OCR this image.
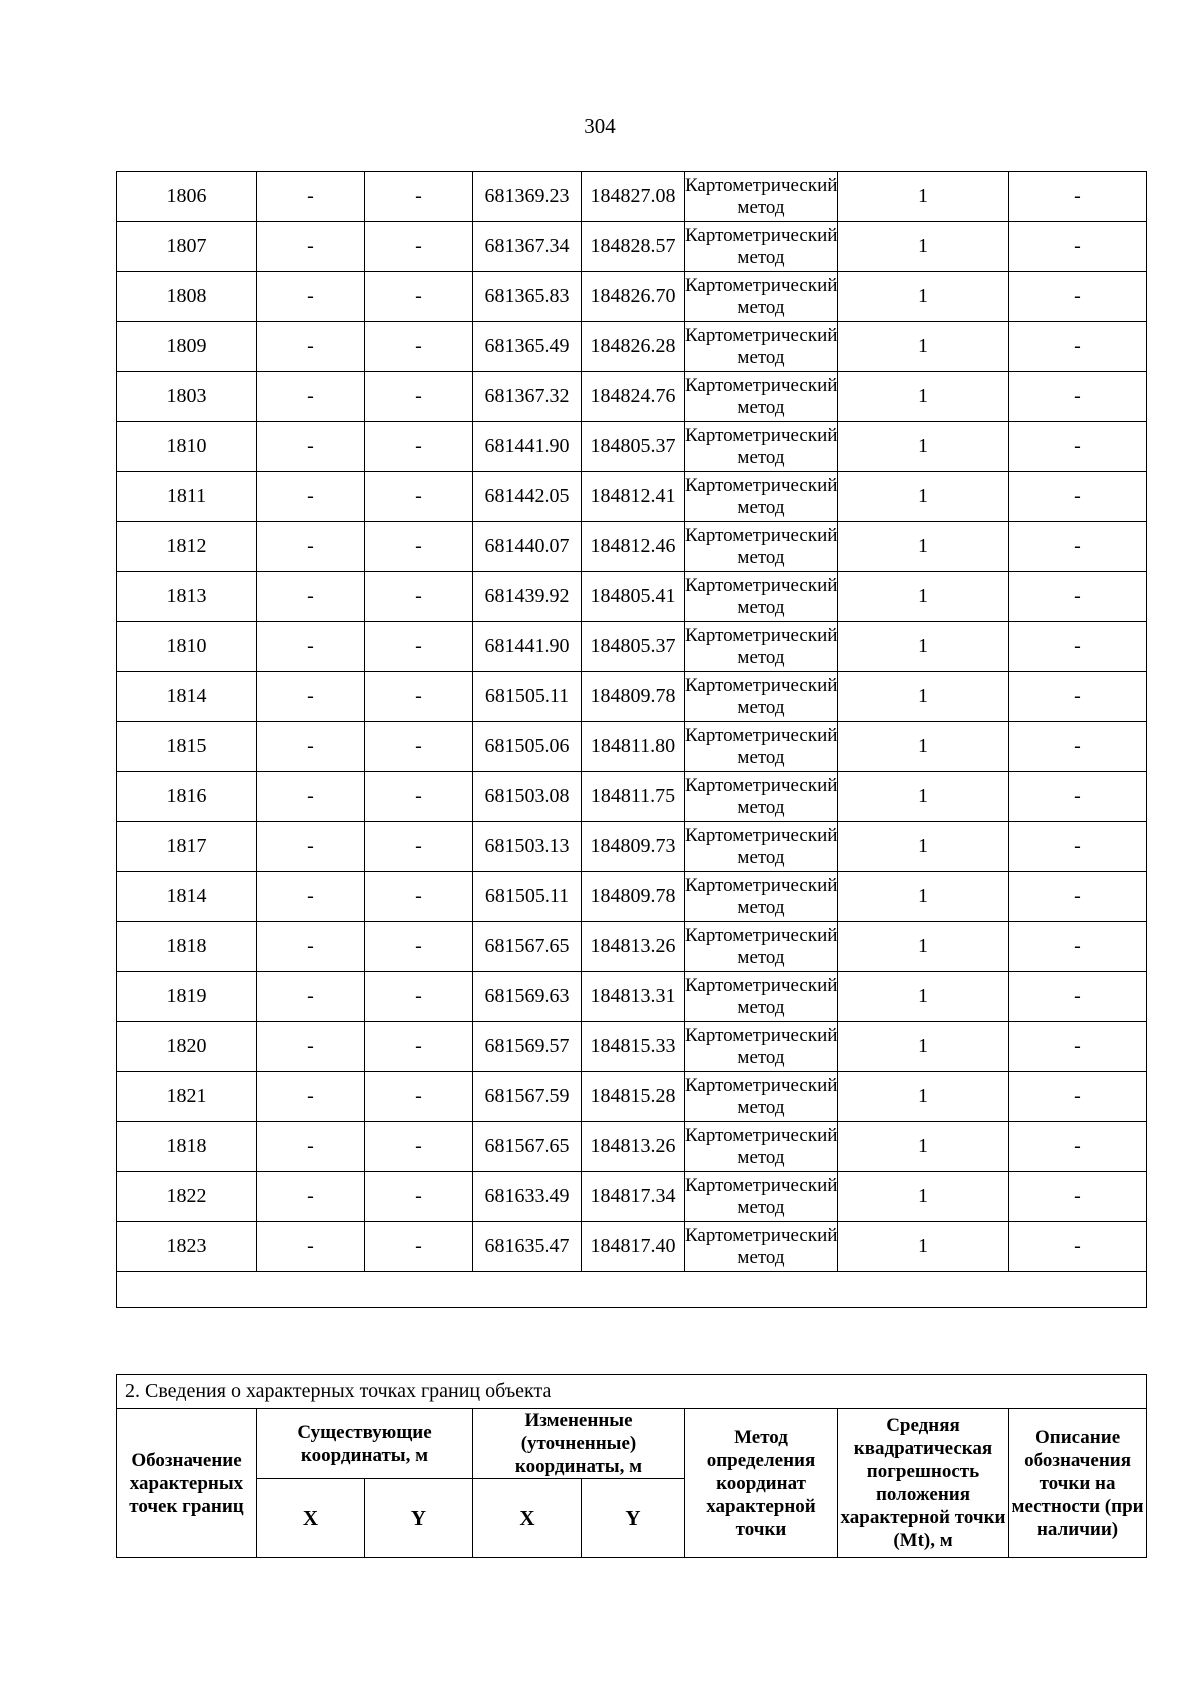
304
1806	-	-	681369.23	184827.08	Картометрический метод	1	-
1807	-	-	681367.34	184828.57	Картометрический метод	1	-
1808	-	-	681365.83	184826.70	Картометрический метод	1	-
1809	-	-	681365.49	184826.28	Картометрический метод	1	-
1803	-	-	681367.32	184824.76	Картометрический метод	1	-
1810	-	-	681441.90	184805.37	Картометрический метод	1	-
1811	-	-	681442.05	184812.41	Картометрический метод	1	-
1812	-	-	681440.07	184812.46	Картометрический метод	1	-
1813	-	-	681439.92	184805.41	Картометрический метод	1	-
1810	-	-	681441.90	184805.37	Картометрический метод	1	-
1814	-	-	681505.11	184809.78	Картометрический метод	1	-
1815	-	-	681505.06	184811.80	Картометрический метод	1	-
1816	-	-	681503.08	184811.75	Картометрический метод	1	-
1817	-	-	681503.13	184809.73	Картометрический метод	1	-
1814	-	-	681505.11	184809.78	Картометрический метод	1	-
1818	-	-	681567.65	184813.26	Картометрический метод	1	-
1819	-	-	681569.63	184813.31	Картометрический метод	1	-
1820	-	-	681569.57	184815.33	Картометрический метод	1	-
1821	-	-	681567.59	184815.28	Картометрический метод	1	-
1818	-	-	681567.65	184813.26	Картометрический метод	1	-
1822	-	-	681633.49	184817.34	Картометрический метод	1	-
1823	-	-	681635.47	184817.40	Картометрический метод	1	-

2. Сведения о характерных точках границ объекта							
Обозначение характерных точек границ	Существующие координаты, м		Измененные (уточненные) координаты, м		Метод определения координат характерной точки	Средняя квадратическая погрешность положения характерной точки (Mt), м	Описание обозначения точки на местности (при наличии)
	X	Y	X	Y			
